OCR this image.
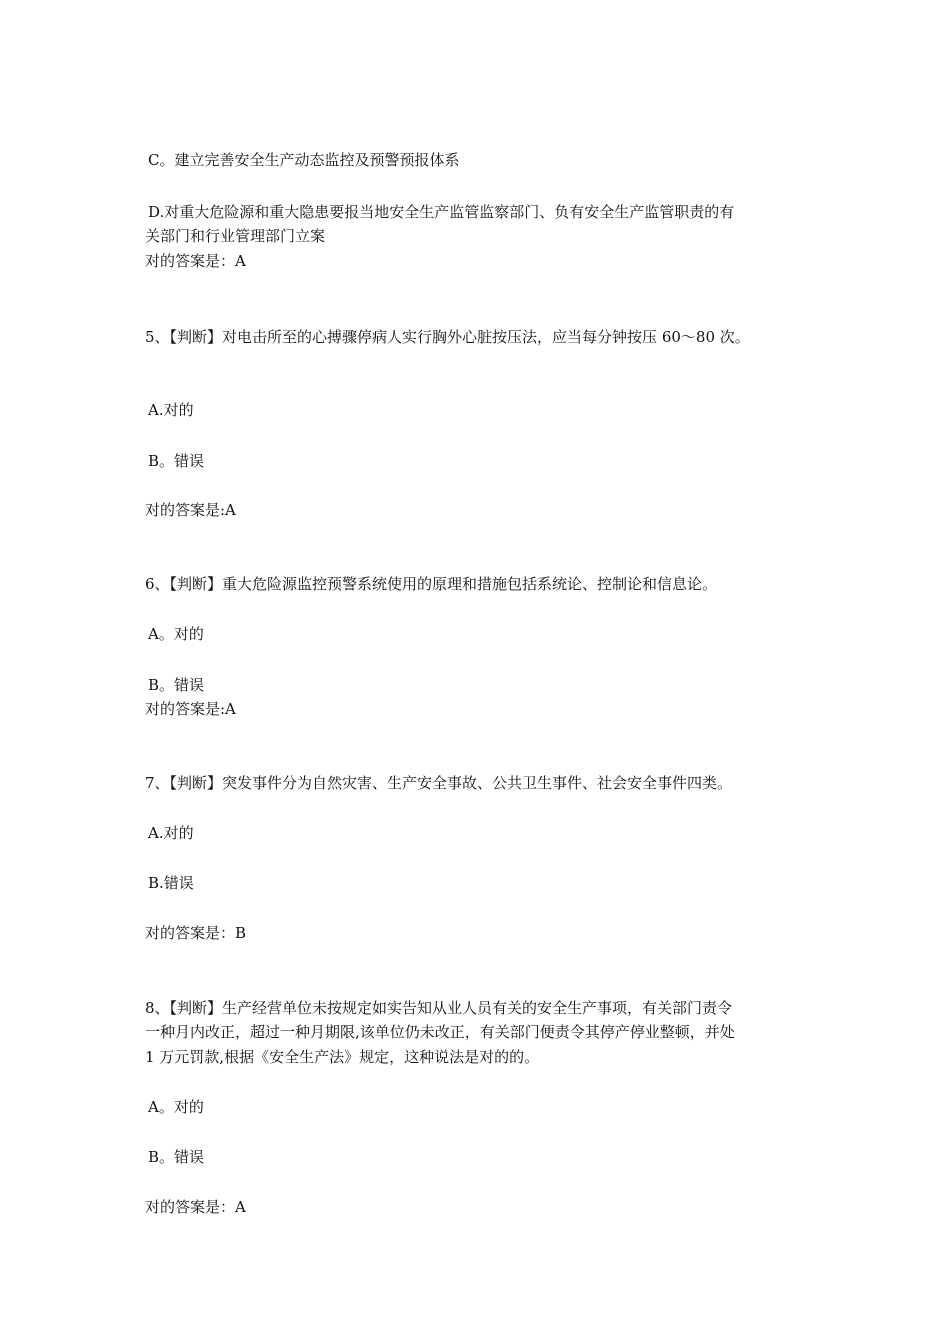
C。建立完善安全生产动态监控及预警预报体系
D.对重大危险源和重大隐患要报当地安全生产监管监察部门、负有安全生产监管职责的有
关部门和行业管理部门立案
对的答案是：A
5、【判断】对电击所至的心搏骤停病人实行胸外心脏按压法，应当每分钟按压 60～80 次。
A.对的
B。错误
对的答案是:A
6、【判断】重大危险源监控预警系统使用的原理和措施包括系统论、控制论和信息论。
A。对的
B。错误
对的答案是:A
7、【判断】突发事件分为自然灾害、生产安全事故、公共卫生事件、社会安全事件四类。
A.对的
B.错误
对的答案是：B
8、【判断】生产经营单位未按规定如实告知从业人员有关的安全生产事项，有关部门责令
一种月内改正，超过一种月期限,该单位仍未改正，有关部门便责令其停产停业整顿，并处
1 万元罚款,根据《安全生产法》规定，这种说法是对的的。
A。对的
B。错误
对的答案是：A
